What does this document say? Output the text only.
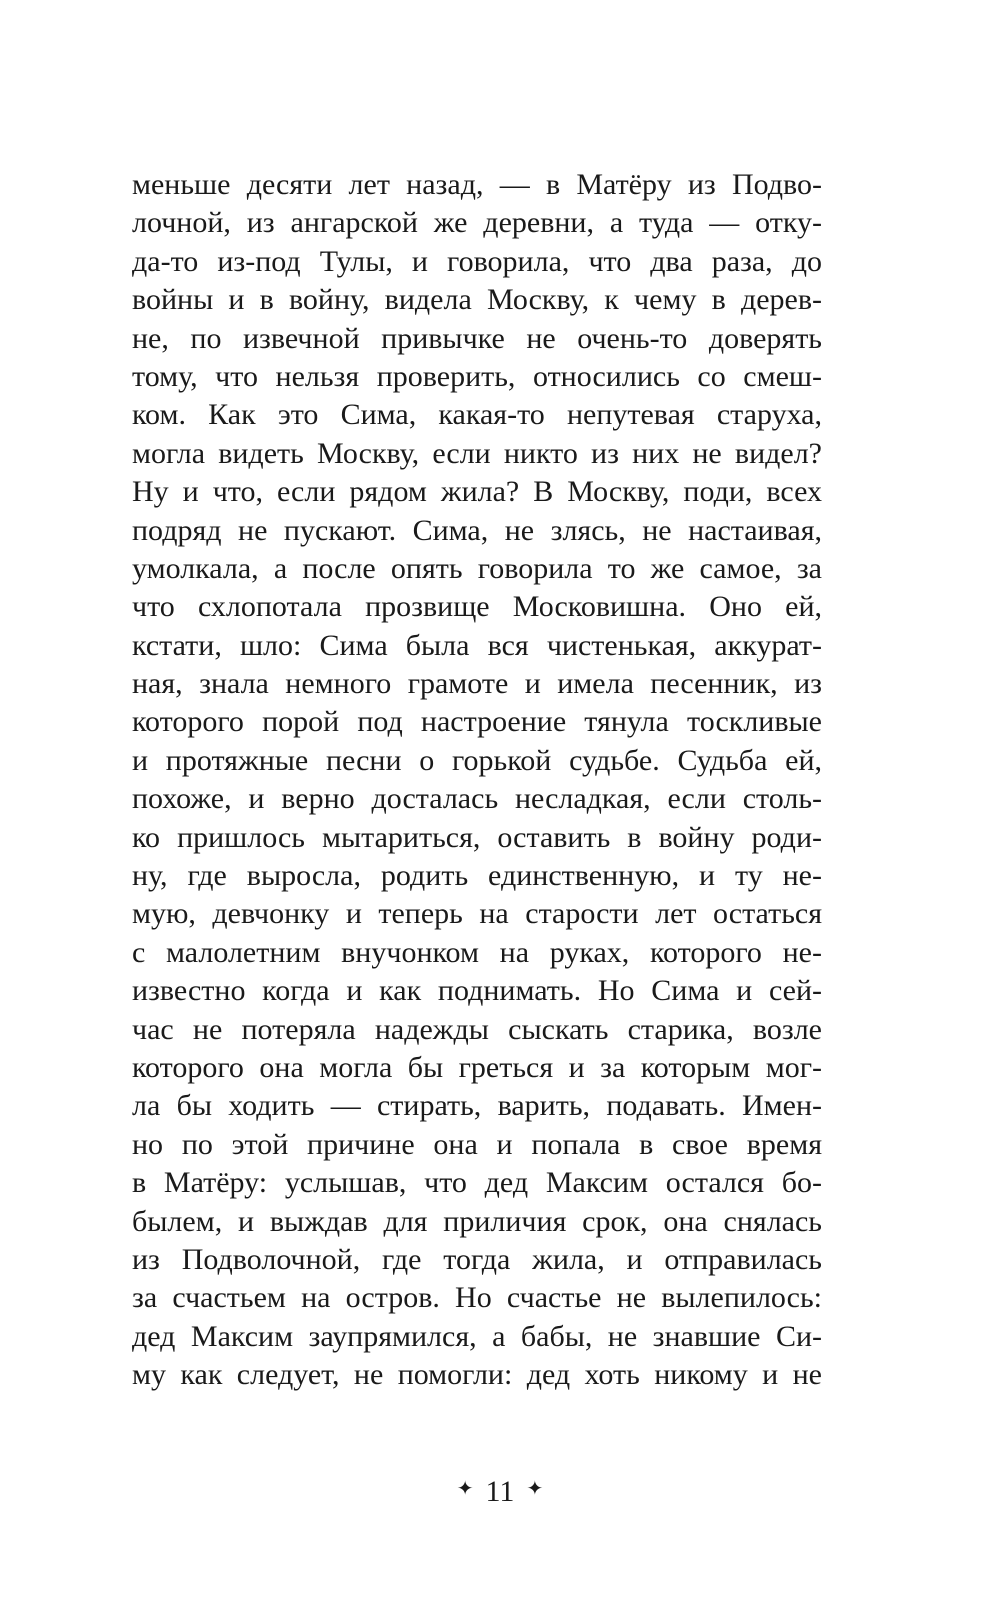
меньше десяти лет назад, — в Матёру из Подво-
лочной, из ангарской же деревни, а туда — отку-
да-то из-под Тулы, и говорила, что два раза, до
войны и в войну, видела Москву, к чему в дерев-
не, по извечной привычке не очень-то доверять
тому, что нельзя проверить, относились со смеш-
ком. Как это Сима, какая-то непутевая старуха,
могла видеть Москву, если никто из них не видел?
Ну и что, если рядом жила? В Москву, поди, всех
подряд не пускают. Сима, не злясь, не настаивая,
умолкала, а после опять говорила то же самое, за
что схлопотала прозвище Московишна. Оно ей,
кстати, шло: Сима была вся чистенькая, аккурат-
ная, знала немного грамоте и имела песенник, из
которого порой под настроение тянула тоскливые
и протяжные песни о горькой судьбе. Судьба ей,
похоже, и верно досталась несладкая, если столь-
ко пришлось мытариться, оставить в войну роди-
ну, где выросла, родить единственную, и ту не-
мую, девчонку и теперь на старости лет остаться
с малолетним внучонком на руках, которого не-
известно когда и как поднимать. Но Сима и сей-
час не потеряла надежды сыскать старика, возле
которого она могла бы греться и за которым мог-
ла бы ходить — стирать, варить, подавать. Имен-
но по этой причине она и попала в свое время
в Матёру: услышав, что дед Максим остался бо-
былем, и выждав для приличия срок, она снялась
из Подволочной, где тогда жила, и отправилась
за счастьем на остров. Но счастье не вылепилось:
дед Максим заупрямился, а бабы, не знавшие Си-
му как следует, не помогли: дед хоть никому и не
✦ 11 ✦
